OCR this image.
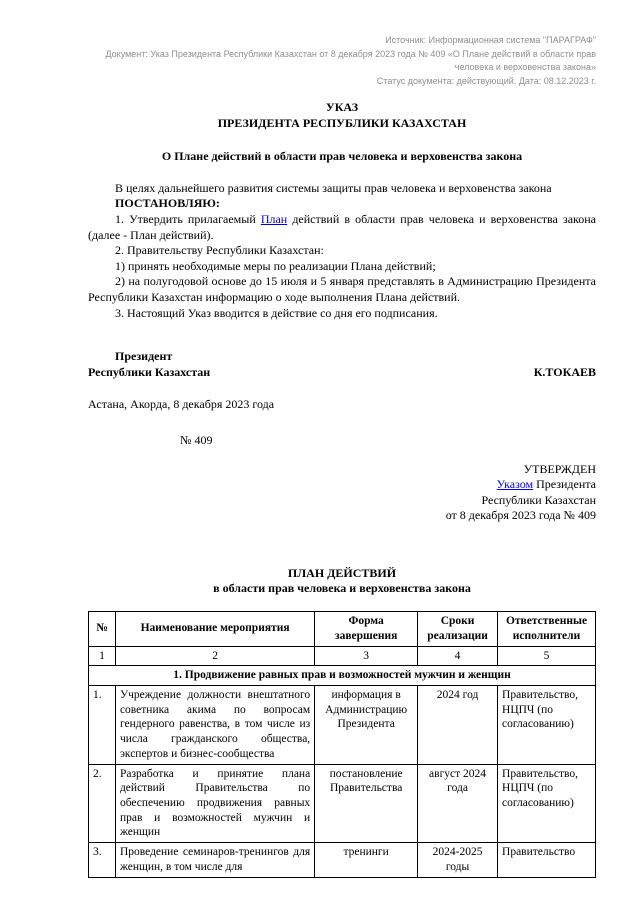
Источник: Информационная система "ПАРАГРАФ"
Документ: Указ Президента Республики Казахстан от 8 декабря 2023 года № 409 «О Плане действий в области прав человека и верховенства закона»
Статус документа: действующий. Дата: 08.12.2023 г.
УКАЗ
ПРЕЗИДЕНТА РЕСПУБЛИКИ КАЗАХСТАН
О Плане действий в области прав человека и верховенства закона

В целях дальнейшего развития системы защиты прав человека и верховенства закона

ПОСТАНОВЛЯЮ:

1. Утвердить прилагаемый План действий в области прав человека и верховенства закона (далее - План действий).

2. Правительству Республики Казахстан:

1) принять необходимые меры по реализации Плана действий;

2) на полугодовой основе до 15 июля и 5 января представлять в Администрацию Президента Республики Казахстан информацию о ходе выполнения Плана действий.

3. Настоящий Указ вводится в действие со дня его подписания.

Президент
Республики Казахстан	К.ТОКАЕВ
Астана, Акорда, 8 декабря 2023 года
№ 409
УТВЕРЖДЕН
Указом Президента
Республики Казахстан
от 8 декабря 2023 года № 409
ПЛАН ДЕЙСТВИЙ
в области прав человека и верховенства закона
№	Наименование мероприятия	Форма завершения	Сроки реализации	Ответственные исполнители
1	2	3	4	5
1. Продвижение равных прав и возможностей мужчин и женщин				
1.	Учреждение должности внештатного советника акима по вопросам гендерного равенства, в том числе из числа гражданского общества, экспертов и бизнес-сообщества	информация в Администрацию Президента	2024 год	Правительство, НЦПЧ (по согласованию)
2.	Разработка и принятие плана действий Правительства по обеспечению продвижения равных прав и возможностей мужчин и женщин	постановление Правительства	август 2024 года	Правительство, НЦПЧ (по согласованию)
3.	Проведение семинаров-тренингов для женщин, в том числе для	тренинги	2024-2025 годы	Правительство
